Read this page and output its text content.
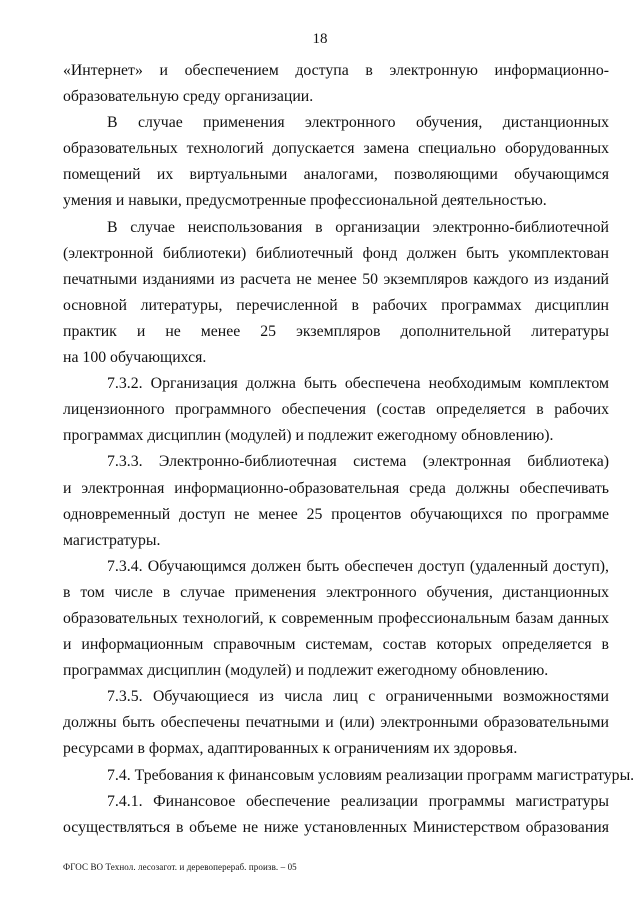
18
«Интернет» и обеспечением доступа в электронную информационно-
образовательную среду организации.
В случае применения электронного обучения, дистанционных
образовательных технологий допускается замена специально оборудованных
помещений их виртуальными аналогами, позволяющими обучающимся
умения и навыки, предусмотренные профессиональной деятельностью.
В случае неиспользования в организации электронно-библиотечной
(электронной библиотеки) библиотечный фонд должен быть укомплектован
печатными изданиями из расчета не менее 50 экземпляров каждого из изданий
основной литературы, перечисленной в рабочих программах дисциплин
практик и не менее 25 экземпляров дополнительной литературы
на 100 обучающихся.
7.3.2. Организация должна быть обеспечена необходимым комплектом
лицензионного программного обеспечения (состав определяется в рабочих
программах дисциплин (модулей) и подлежит ежегодному обновлению).
7.3.3. Электронно-библиотечная система (электронная библиотека)
и электронная информационно-образовательная среда должны обеспечивать
одновременный доступ не менее 25 процентов обучающихся по программе
магистратуры.
7.3.4. Обучающимся должен быть обеспечен доступ (удаленный доступ),
в том числе в случае применения электронного обучения, дистанционных
образовательных технологий, к современным профессиональным базам данных
и информационным справочным системам, состав которых определяется в
программах дисциплин (модулей) и подлежит ежегодному обновлению.
7.3.5. Обучающиеся из числа лиц с ограниченными возможностями
должны быть обеспечены печатными и (или) электронными образовательными
ресурсами в формах, адаптированных к ограничениям их здоровья.
7.4. Требования к финансовым условиям реализации программ магистратуры.
7.4.1. Финансовое обеспечение реализации программы магистратуры
осуществляться в объеме не ниже установленных Министерством образования
ФГОС ВО Технол. лесозагот. и деревоперераб. произв. – 05
